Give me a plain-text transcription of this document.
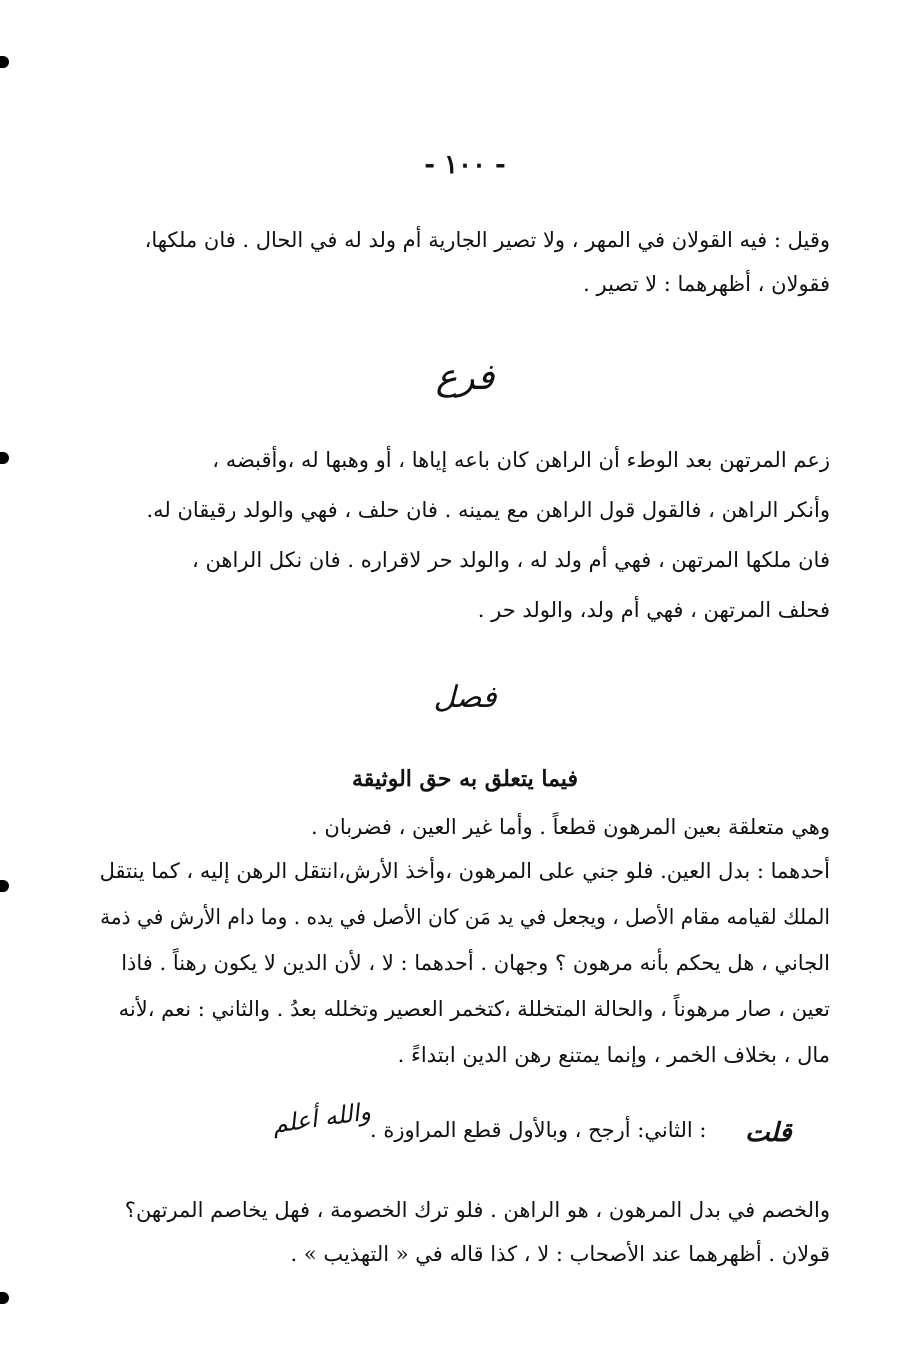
- ١٠٠ -
وقيل : فيه القولان في المهر ، ولا تصير الجارية أم ولد له في الحال . فان ملكها،
فقولان ، أظهرهما : لا تصير .
فرع
زعم المرتهن بعد الوطء أن الراهن كان باعه إياها ، أو وهبها له ،وأقبضه ،
وأنكر الراهن ، فالقول قول الراهن مع يمينه . فان حلف ، فهي والولد رقيقان له.
فان ملكها المرتهن ، فهي أم ولد له ، والولد حر لاقراره . فان نكل الراهن ،
فحلف المرتهن ، فهي أم ولد، والولد حر .
فصل
فيما يتعلق به حق الوثيقة
وهي متعلقة بعين المرهون قطعاً . وأما غير العين ، فضربان .
أحدهما : بدل العين. فلو جني على المرهون ،وأخذ الأرش،انتقل الرهن إليه ، كما ينتقل
الملك لقيامه مقام الأصل ، ويجعل في يد مَن كان الأصل في يده . وما دام الأرش في ذمة
الجاني ، هل يحكم بأنه مرهون ؟ وجهان . أحدهما : لا ، لأن الدين لا يكون رهناً . فاذا
تعين ، صار مرهوناً ، والحالة المتخللة ،كتخمر العصير وتخلله بعدُ . والثاني : نعم ،لأنه
مال ، بخلاف الخمر ، وإنما يمتنع رهن الدين ابتداءً .
قلت
: الثاني: أرجح ، وبالأول قطع المراوزة .
والله أعلم
والخصم في بدل المرهون ، هو الراهن . فلو ترك الخصومة ، فهل يخاصم المرتهن؟
قولان . أظهرهما عند الأصحاب : لا ، كذا قاله في « التهذيب » .
